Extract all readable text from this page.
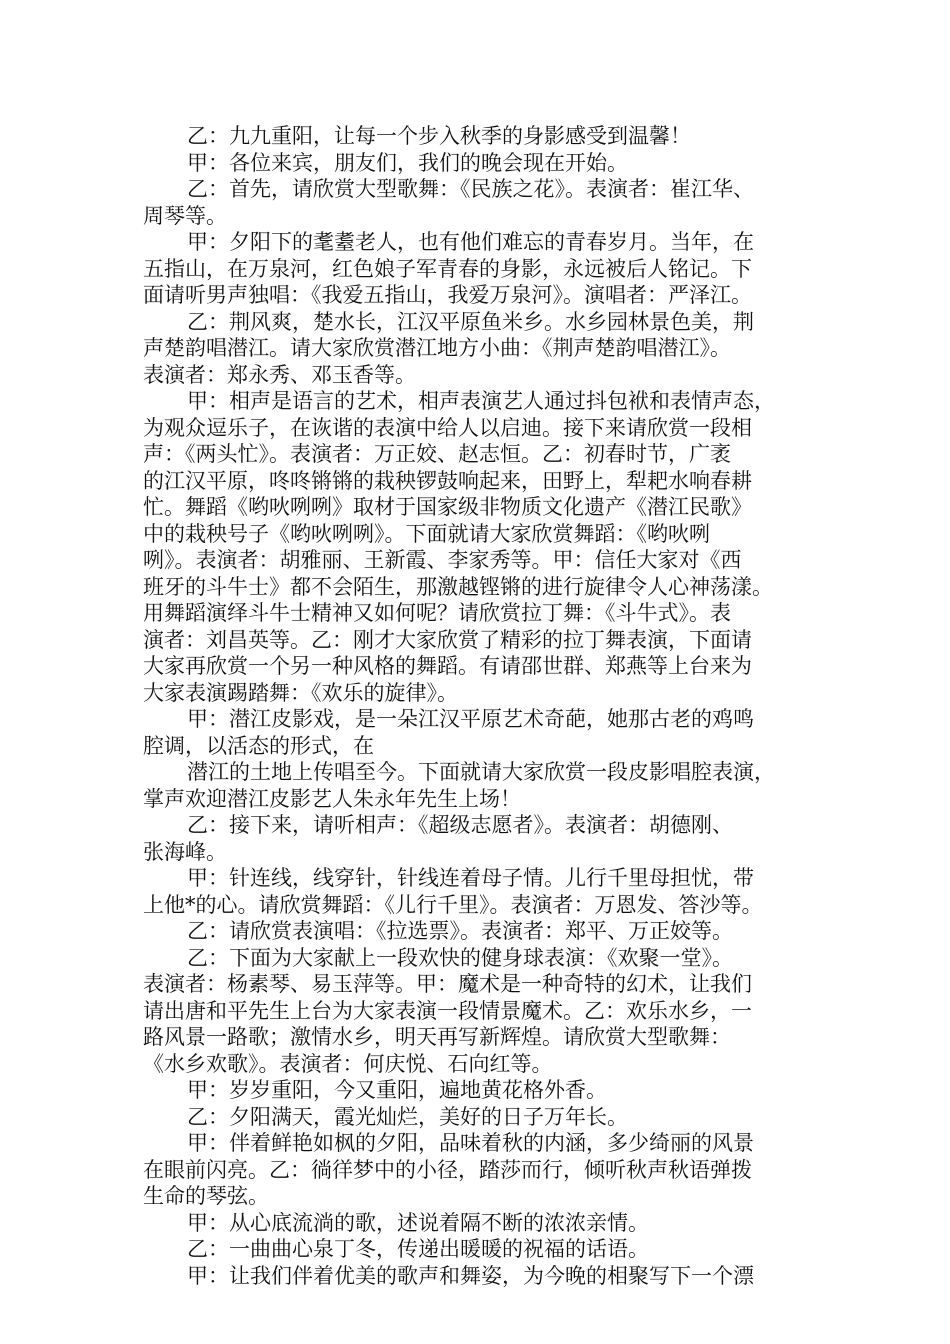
乙：九九重阳，让每一个步入秋季的身影感受到温馨！
甲：各位来宾，朋友们，我们的晚会现在开始。
乙：首先，请欣赏大型歌舞：《民族之花》。表演者：崔江华、
周琴等。
甲：夕阳下的耄耋老人，也有他们难忘的青春岁月。当年，在
五指山，在万泉河，红色娘子军青春的身影，永远被后人铭记。下
面请听男声独唱：《我爱五指山，我爱万泉河》。演唱者：严泽江。
乙：荆风爽，楚水长，江汉平原鱼米乡。水乡园林景色美，荆
声楚韵唱潜江。请大家欣赏潜江地方小曲：《荆声楚韵唱潜江》。
表演者：郑永秀、邓玉香等。
甲：相声是语言的艺术，相声表演艺人通过抖包袱和表情声态，
为观众逗乐子，在诙谐的表演中给人以启迪。接下来请欣赏一段相
声：《两头忙》。表演者：万正姣、赵志恒。乙：初春时节，广袤
的江汉平原，咚咚锵锵的栽秧锣鼓响起来，田野上，犁耙水响春耕
忙。舞蹈《哟吙咧咧》取材于国家级非物质文化遗产《潜江民歌》
中的栽秧号子《哟吙咧咧》。下面就请大家欣赏舞蹈：《哟吙咧
咧》。表演者：胡雅丽、王新霞、李家秀等。甲：信任大家对《西
班牙的斗牛士》都不会陌生，那激越铿锵的进行旋律令人心神荡漾。
用舞蹈演绎斗牛士精神又如何呢？请欣赏拉丁舞：《斗牛式》。表
演者：刘昌英等。乙：刚才大家欣赏了精彩的拉丁舞表演，下面请
大家再欣赏一个另一种风格的舞蹈。有请邵世群、郑燕等上台来为
大家表演踢踏舞：《欢乐的旋律》。
甲：潜江皮影戏，是一朵江汉平原艺术奇葩，她那古老的鸡鸣
腔调，以活态的形式，在
潜江的土地上传唱至今。下面就请大家欣赏一段皮影唱腔表演，
掌声欢迎潜江皮影艺人朱永年先生上场！
乙：接下来，请听相声：《超级志愿者》。表演者：胡德刚、
张海峰。
甲：针连线，线穿针，针线连着母子情。儿行千里母担忧，带
上他*的心。请欣赏舞蹈：《儿行千里》。表演者：万恩发、答沙等。
乙：请欣赏表演唱：《拉选票》。表演者：郑平、万正姣等。
乙：下面为大家献上一段欢快的健身球表演：《欢聚一堂》。
表演者：杨素琴、易玉萍等。甲：魔术是一种奇特的幻术，让我们
请出唐和平先生上台为大家表演一段情景魔术。乙：欢乐水乡，一
路风景一路歌；激情水乡，明天再写新辉煌。请欣赏大型歌舞：
《水乡欢歌》。表演者：何庆悦、石向红等。
甲：岁岁重阳，今又重阳，遍地黄花格外香。
乙：夕阳满天，霞光灿烂，美好的日子万年长。
甲：伴着鲜艳如枫的夕阳，品味着秋的内涵，多少绮丽的风景
在眼前闪亮。乙：徜徉梦中的小径，踏莎而行，倾听秋声秋语弹拨
生命的琴弦。
甲：从心底流淌的歌，述说着隔不断的浓浓亲情。
乙：一曲曲心泉丁冬，传递出暖暖的祝福的话语。
甲：让我们伴着优美的歌声和舞姿，为今晚的相聚写下一个漂
